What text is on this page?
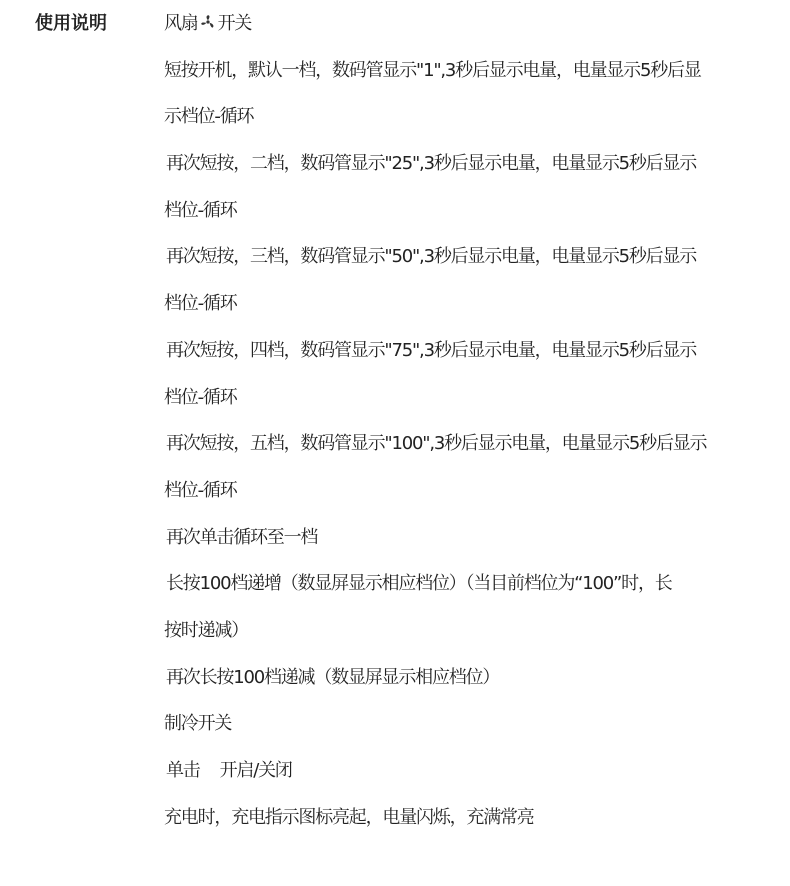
使用说明	风扇 开关
短按开机，默认一档，数码管显示"1",3秒后显示电量，电量显示5秒后显
示档位-循环
再次短按，二档，数码管显示"25",3秒后显示电量，电量显示5秒后显示
档位-循环
再次短按，三档，数码管显示"50",3秒后显示电量，电量显示5秒后显示
档位-循环
再次短按，四档，数码管显示"75",3秒后显示电量，电量显示5秒后显示
档位-循环
再次短按，五档，数码管显示"100",3秒后显示电量，电量显示5秒后显示
档位-循环
再次单击循环至一档
长按100档递增（数显屏显示相应档位）（当目前档位为“100”时，长
按时递减）
再次长按100档递减（数显屏显示相应档位）
制冷开关
单击 开启/关闭
充电时，充电指示图标亮起，电量闪烁，充满常亮
